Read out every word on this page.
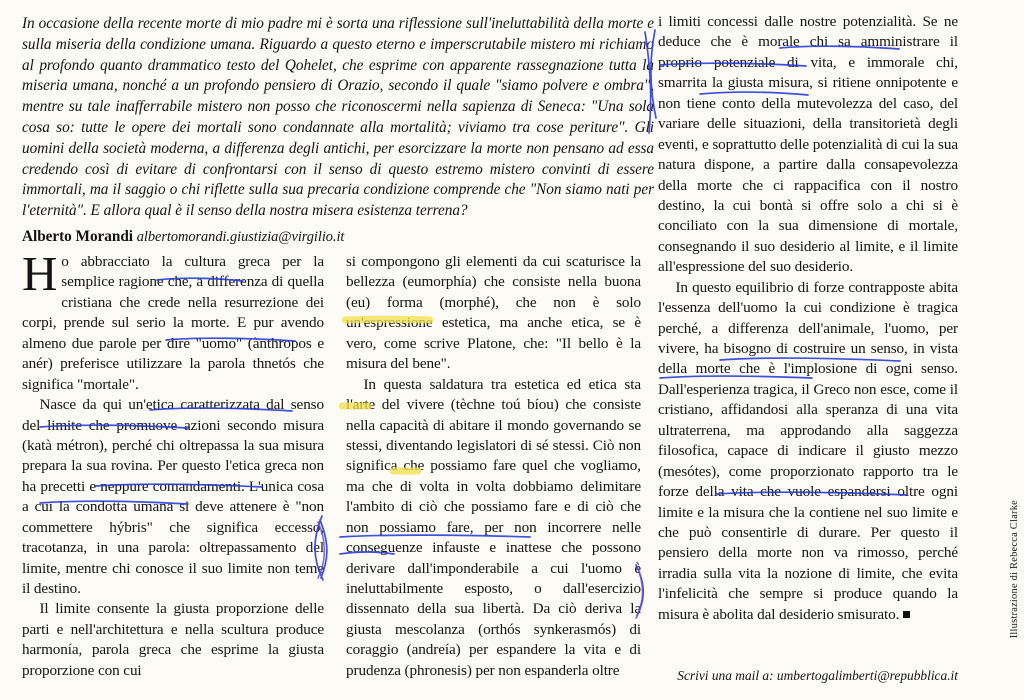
In occasione della recente morte di mio padre mi è sorta una riflessione sull'ineluttabilità della morte e sulla miseria della condizione umana. Riguardo a questo eterno e imperscrutabile mistero mi richiamo al profondo quanto drammatico testo del Qohelet, che esprime con apparente rassegnazione tutta la miseria umana, nonché a un profondo pensiero di Orazio, secondo il quale "siamo polvere e ombra", mentre su tale inafferrabile mistero non posso che riconoscermi nella sapienza di Seneca: "Una sola cosa so: tutte le opere dei mortali sono condannate alla mortalità; viviamo tra cose periture". Gli uomini della società moderna, a differenza degli antichi, per esorcizzare la morte non pensano ad essa credendo così di evitare di confrontarsi con il senso di questo estremo mistero convinti di essere immortali, ma il saggio o chi riflette sulla sua precaria condizione comprende che "Non siamo nati per l'eternità". E allora qual è il senso della nostra misera esistenza terrena?

Alberto Morandi albertomorandi.giustizia@virgilio.it

Ho abbracciato la cultura greca per la semplice ragione che, a differenza di quella cristiana che crede nella resurrezione dei corpi, prende sul serio la morte. E pur avendo almeno due parole per dire "uomo" (ànthropos e anér) preferisce utilizzare la parola thnetós che significa "mortale".

Nasce da qui un'etica caratterizzata dal senso del limite che promuove azioni secondo misura (katà métron), perché chi oltrepassa la sua misura prepara la sua rovina. Per questo l'etica greca non ha precetti e neppure comandamenti. L'unica cosa a cui la condotta umana si deve attenere è "non commettere hýbris" che significa eccesso, tracotanza, in una parola: oltrepassamento del limite, mentre chi conosce il suo limite non teme il destino.

Il limite consente la giusta proporzione delle parti e nell'architettura e nella scultura produce harmonía, parola greca che esprime la giusta proporzione con cui

si compongono gli elementi da cui scaturisce la bellezza (eumorphía) che consiste nella buona (eu) forma (morphé), che non è solo un'espressione estetica, ma anche etica, se è vero, come scrive Platone, che: "Il bello è la misura del bene".

In questa saldatura tra estetica ed etica sta l'arte del vivere (tèchne toú bíou) che consiste nella capacità di abitare il mondo governando se stessi, diventando legislatori di sé stessi. Ciò non significa che possiamo fare quel che vogliamo, ma che di volta in volta dobbiamo delimitare l'ambito di ciò che possiamo fare e di ciò che non possiamo fare, per non incorrere nelle conseguenze infauste e inattese che possono derivare dall'imponderabile a cui l'uomo è ineluttabilmente esposto, o dall'esercizio dissennato della sua libertà. Da ciò deriva la giusta mescolanza (orthós synkerasmós) di coraggio (andreía) per espandere la vita e di prudenza (phronesis) per non espanderla oltre

i limiti concessi dalle nostre potenzialità. Se ne deduce che è morale chi sa amministrare il proprio potenziale di vita, e immorale chi, smarrita la giusta misura, si ritiene onnipotente e non tiene conto della mutevolezza del caso, del variare delle situazioni, della transitorietà degli eventi, e soprattutto delle potenzialità di cui la sua natura dispone, a partire dalla consapevolezza della morte che ci rappacifica con il nostro destino, la cui bontà si offre solo a chi si è conciliato con la sua dimensione di mortale, consegnando il suo desiderio al limite, e il limite all'espressione del suo desiderio.

In questo equilibrio di forze contrapposte abita l'essenza dell'uomo la cui condizione è tragica perché, a differenza dell'animale, l'uomo, per vivere, ha bisogno di costruire un senso, in vista della morte che è l'implosione di ogni senso. Dall'esperienza tragica, il Greco non esce, come il cristiano, affidandosi alla speranza di una vita ultraterrena, ma approdando alla saggezza filosofica, capace di indicare il giusto mezzo (mesótes), come proporzionato rapporto tra le forze della vita che vuole espandersi oltre ogni limite e la misura che la contiene nel suo limite e che può consentirle di durare. Per questo il pensiero della morte non va rimosso, perché irradia sulla vita la nozione di limite, che evita l'infelicità che sempre si produce quando la misura è abolita dal desiderio smisurato.

Scrivi una mail a: umbertogalimberti@repubblica.it
Illustrazione di Rebecca Clarke
